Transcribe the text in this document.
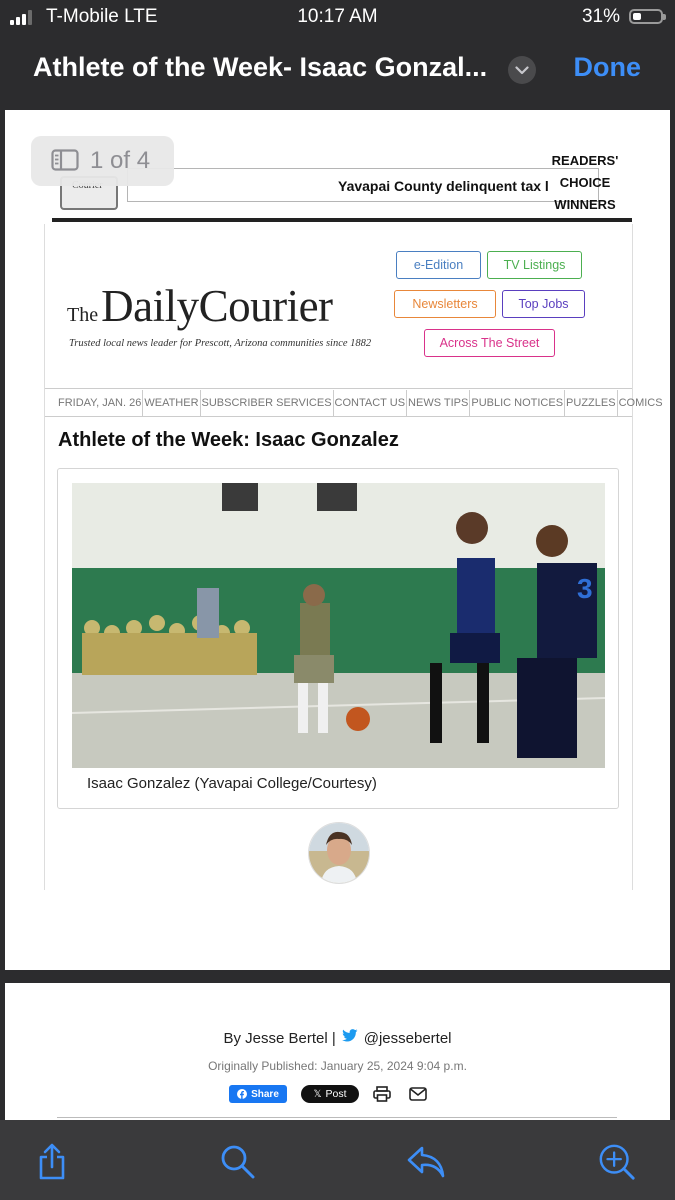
T-Mobile LTE	10:17 AM	31%
Athlete of the Week- Isaac Gonzal...	Done
Yavapai County delinquent tax l
READERS'
CHOICE
WINNERS
1 of 4
TheDailyCourier
Trusted local news leader for Prescott, Arizona communities since 1882
e-Edition	TV Listings
Newsletters	Top Jobs
Across The Street
FRIDAY, JAN. 26 WEATHER SUBSCRIBER SERVICES CONTACT US NEWS TIPS PUBLIC NOTICES PUZZLES COMICS
Athlete of the Week: Isaac Gonzalez
3
Isaac Gonzalez (Yavapai College/Courtesy)
By Jesse Bertel | @jessebertel
Originally Published: January 25, 2024 9:04 p.m.
Share	𝕏 Post
